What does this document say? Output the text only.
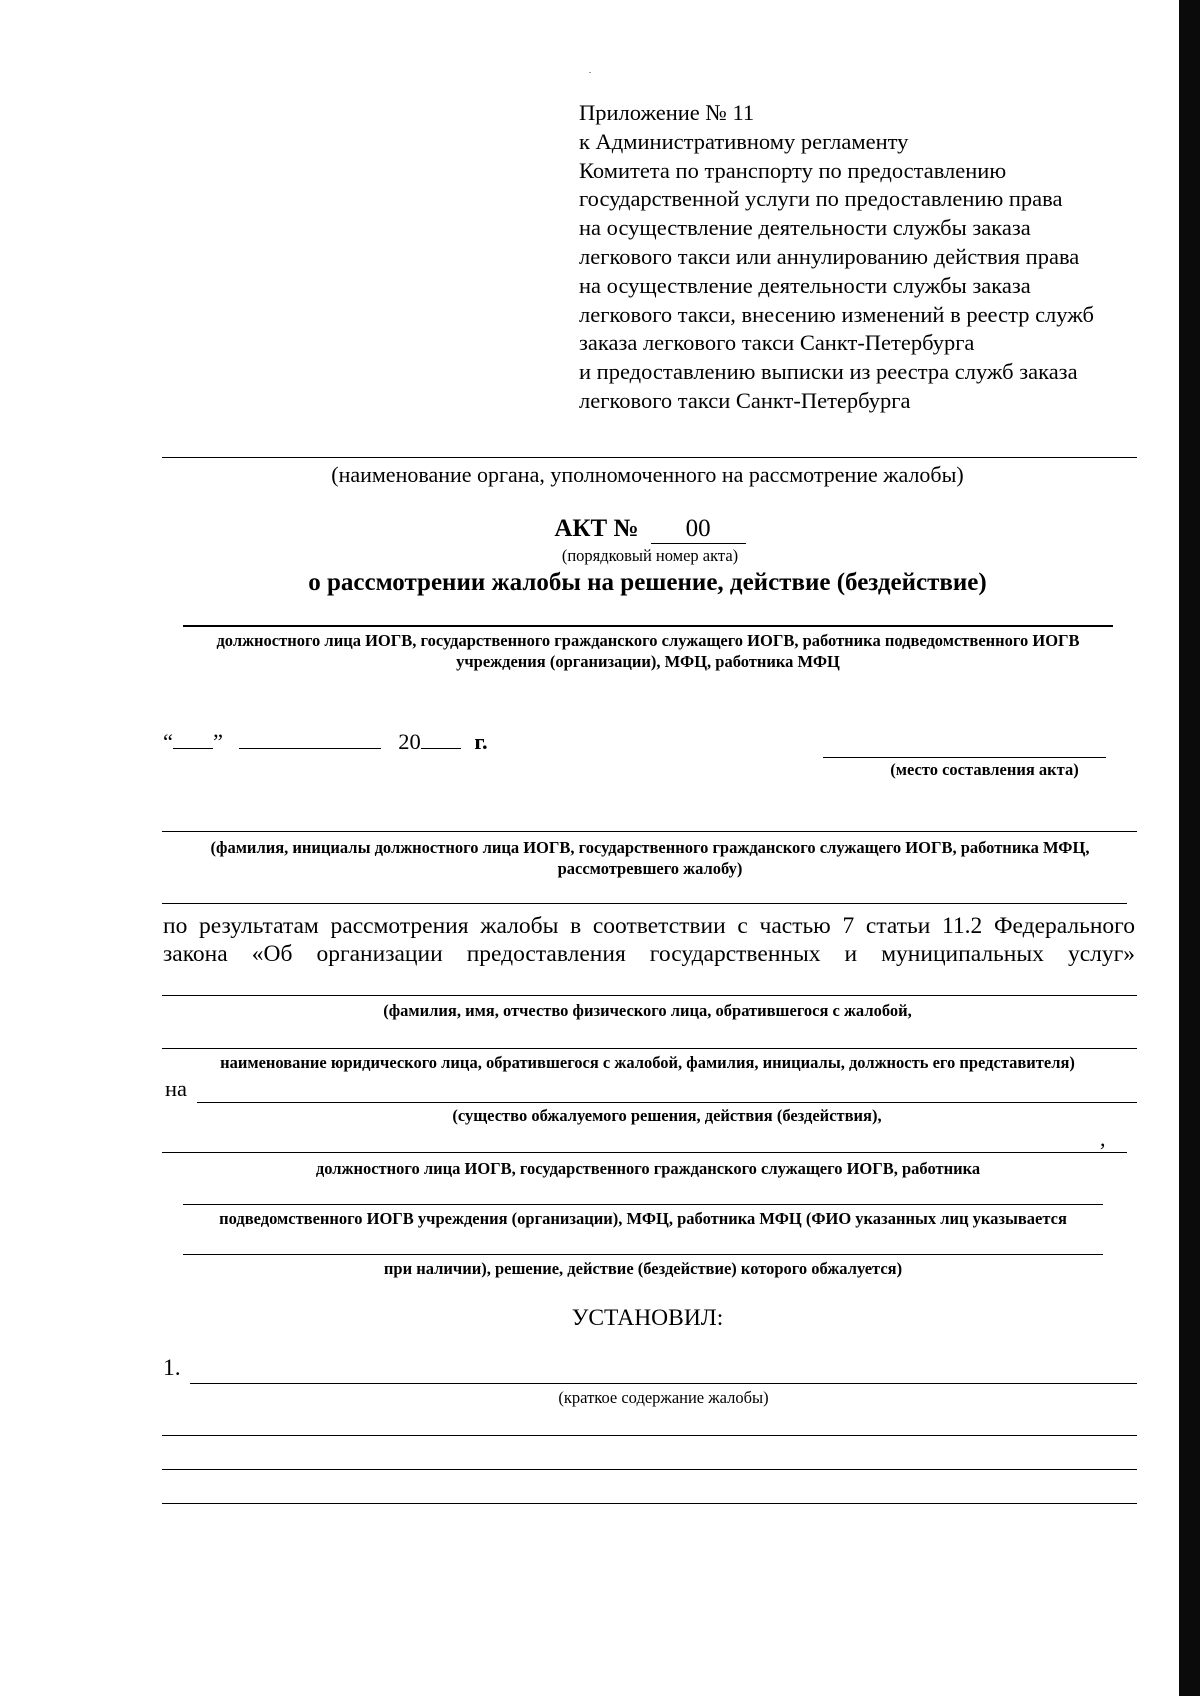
Приложение № 11
к Административному регламенту
Комитета по транспорту по предоставлению
государственной услуги по предоставлению права
на осуществление деятельности службы заказа
легкового такси или аннулированию действия права
на осуществление деятельности службы заказа
легкового такси, внесению изменений в реестр служб
заказа легкового такси Санкт-Петербурга
и предоставлению выписки из реестра служб заказа
легкового такси Санкт-Петербурга
(наименование органа, уполномоченного на рассмотрение жалобы)
АКТ № 00
(порядковый номер акта)
о рассмотрении жалобы на решение, действие (бездействие)
должностного лица ИОГВ, государственного гражданского служащего ИОГВ, работника подведомственного ИОГВ учреждения (организации), МФЦ, работника МФЦ
“ ”	20 г.
(место составления акта)
(фамилия, инициалы должностного лица ИОГВ, государственного гражданского служащего ИОГВ, работника МФЦ, рассмотревшего жалобу)
по результатам рассмотрения жалобы в соответствии с частью 7 статьи 11.2 Федерального закона «Об организации предоставления государственных и муниципальных услуг»
(фамилия, имя, отчество физического лица, обратившегося с жалобой,
наименование юридического лица, обратившегося с жалобой, фамилия, инициалы, должность его представителя)
на
(существо обжалуемого решения, действия (бездействия),
,
должностного лица ИОГВ, государственного гражданского служащего ИОГВ, работника
подведомственного ИОГВ учреждения (организации), МФЦ, работника МФЦ (ФИО указанных лиц указывается
при наличии), решение, действие (бездействие) которого обжалуется)
УСТАНОВИЛ:
1.
(краткое содержание жалобы)
